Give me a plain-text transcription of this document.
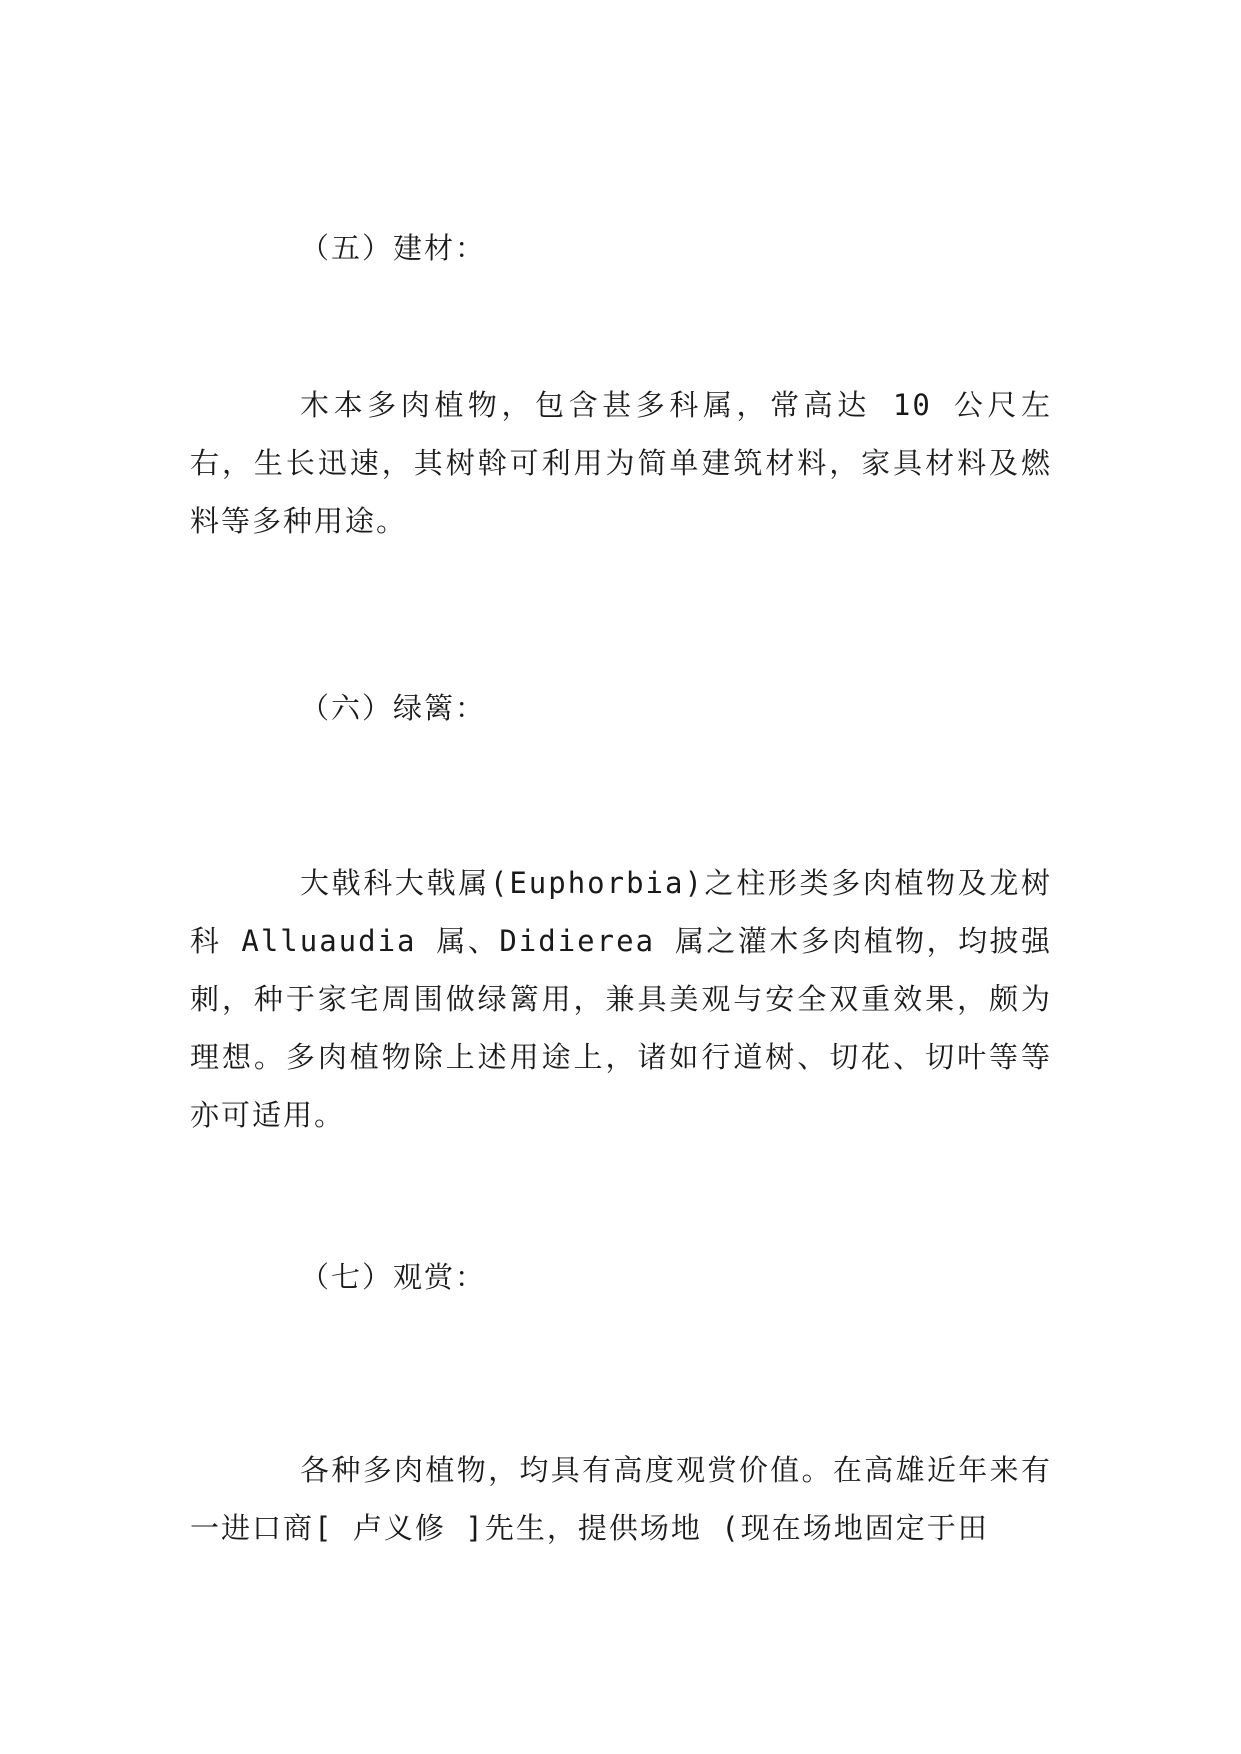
（五）建材：
木本多肉植物，包含甚多科属，常高达 10 公尺左右，生长迅速，其树斡可利用为简单建筑材料，家具材料及燃料等多种用途。
（六）绿篱：
大戟科大戟属(Euphorbia)之柱形类多肉植物及龙树科 Alluaudia 属、Didierea 属之灌木多肉植物，均披强刺，种于家宅周围做绿篱用，兼具美观与安全双重效果，颇为理想。多肉植物除上述用途上，诸如行道树、切花、切叶等等亦可适用。
（七）观赏：
各种多肉植物，均具有高度观赏价值。在高雄近年来有一进口商[ 卢义修 ]先生，提供场地 (现在场地固定于田
